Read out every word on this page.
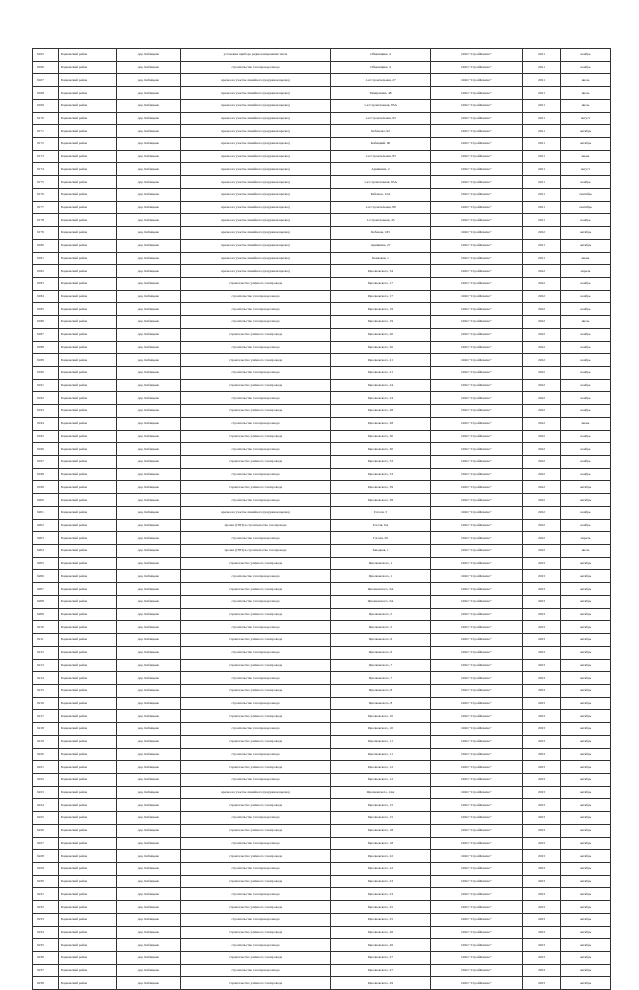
9165	Борковский район	дер. Кабицыно	установка прибора радиозонирования тепла	Обманщика, 4	ООО "СтройКомпас"	2021	ноябрь
9166	Борковский район	дер. Кабицыно	строительство газопровода ввода	Обманщика, 4	ООО "СтройКомпас"	2021	ноябрь
9167	Борковский район	дер. Кабицыно	врезка на участке линейного (наружная врезка)	1-я Строительная, 27	ООО "СтройКомпас"	2021	июль
9168	Борковский район	дер. Кабицыно	врезка на участке линейного (наружная врезка)	Тимирязева, 48	ООО "СтройКомпас"	2021	июль
9169	Борковский район	дер. Кабицыно	врезка на участке линейного (наружная врезка)	1-я Строительная, 85А	ООО "СтройКомпас"	2021	июль
9170	Борковский район	дер. Кабицыно	врезка на участке линейного (наружная врезка)	1-я Строительная, 93	ООО "СтройКомпас"	2021	август
9171	Борковский район	дер. Кабицыно	врезка на участке линейного (наружная врезка)	Кабанова, 92	ООО "СтройКомпас"	2021	октябрь
9172	Борковский район	дер. Кабицыно	врезка на участке линейного (наружная врезка)	Кабицкий, 90	ООО "СтройКомпас"	2021	октябрь
9173	Борковский район	дер. Кабицыно	врезка на участке линейного (наружная врезка)	1-я Строительная, 83	ООО "СтройКомпас"	2021	июнь
9174	Борковский район	дер. Кабицыно	врезка на участке линейного (наружная врезка)	Армянина, 2	ООО "СтройКомпас"	2021	август
9175	Борковский район	дер. Кабицыно	врезка на участке линейного (наружная врезка)	1-я Строительная, 83А	ООО "СтройКомпас"	2021	ноябрь
9176	Борковский район	дер. Кабицыно	врезка на участке линейного (наружная врезка)	Кабанов, 12А	ООО "СтройКомпас"	2021	сентябрь
9177	Борковский район	дер. Кабицыно	врезка на участке линейного (наружная врезка)	1-я Строительная, 88	ООО "СтройКомпас"	2021	сентябрь
9178	Борковский район	дер. Кабицыно	врезка на участке линейного (наружная врезка)	1-Строительная, 45	ООО "СтройКомпас"	2021	ноябрь
9179	Борковский район	дер. Кабицыно	врезка на участке линейного (наружная врезка)	Кабанов, 165	ООО "СтройКомпас"	2022	октябрь
9180	Борковский район	дер. Кабицыно	врезка на участке линейного (наружная врезка)	Армянина, 27	ООО "СтройКомпас"	2021	октябрь
9181	Борковский район	дер. Кабицыно	врезка на участке линейного (наружная врезка)	Кокковая, 1	ООО "СтройКомпас"	2021	июнь
9182	Борковский район	дер. Кабицыно	врезка на участке линейного (наружная врезка)	Циолковского, 34	ООО "СтройКомпас"	2022	апрель
9183	Борковский район	дер. Кабицыно	строительство уличного газопровода	Циолковского, 17	ООО "СтройКомпас"	2022	ноябрь
9184	Борковский район	дер. Кабицыно	строительство газопровода ввода	Циолковского, 17	ООО "СтройКомпас"	2022	ноябрь
9185	Борковский район	дер. Кабицыно	строительство газопровода ввода	Циолковского, 19	ООО "СтройКомпас"	2022	ноябрь
9186	Борковский район	дер. Кабицыно	строительство газопровода ввода	Циолковского, 19	ООО "СтройКомпас"	2022	июль
9187	Борковский район	дер. Кабицыно	строительство уличного газопровода	Циолковского, 20	ООО "СтройКомпас"	2022	ноябрь
9188	Борковский район	дер. Кабицыно	строительство газопровода ввода	Циолковского, 20	ООО "СтройКомпас"	2022	ноябрь
9189	Борковский район	дер. Кабицыно	строительство уличного газопровода	Циолковского, 21	ООО "СтройКомпас"	2022	ноябрь
9190	Борковский район	дер. Кабицыно	строительство газопровода ввода	Циолковского, 21	ООО "СтройКомпас"	2022	ноябрь
9191	Борковский район	дер. Кабицыно	строительство уличного газопровода	Циолковского, 24	ООО "СтройКомпас"	2022	ноябрь
9192	Борковский район	дер. Кабицыно	строительство газопровода ввода	Циолковского, 24	ООО "СтройКомпас"	2022	ноябрь
9193	Борковский район	дер. Кабицыно	строительство уличного газопровода	Циолковского, 28	ООО "СтройКомпас"	2022	ноябрь
9194	Борковский район	дер. Кабицыно	строительство газопровода ввода	Циолковского, 28	ООО "СтройКомпас"	2022	июнь
9195	Борковский район	дер. Кабицыно	строительство уличного газопровода	Циолковского, 30	ООО "СтройКомпас"	2022	ноябрь
9196	Борковский район	дер. Кабицыно	строительство газопровода ввода	Циолковского, 30	ООО "СтройКомпас"	2022	ноябрь
9197	Борковский район	дер. Кабицыно	строительство уличного газопровода	Циолковского, 33	ООО "СтройКомпас"	2022	ноябрь
9198	Борковский район	дер. Кабицыно	строительство газопровода ввода	Циолковского, 33	ООО "СтройКомпас"	2022	ноябрь
9199	Борковский район	дер. Кабицыно	строительство уличного газопровода	Циолковского, 39	ООО "СтройКомпас"	2022	октябрь
9200	Борковский район	дер. Кабицыно	строительство газопровода ввода	Циолковского, 39	ООО "СтройКомпас"	2022	октябрь
9201	Борковский район	дер. Кабицыно	врезка на участке линейного (наружная врезка)	Гоголя, 3	ООО "СтройКомпас"	2022	ноябрь
9202	Борковский район	дер. Кабицыно	проект (ГРП) и строительство газопровода	Гоголя, 6А	ООО "СтройКомпас"	2022	ноябрь
9203	Борковский район	дер. Кабицыно	строительство газопровода ввода	Гоголя, 26	ООО "СтройКомпас"	2022	апрель
9204	Борковский район	дер. Кабицыно	проект (ГРП) и строительство газопровода	Заводная, 1	ООО "СтройКомпас"	2022	июль
9205	Борковский район	дер. Кабицыно	строительство уличного газопровода	Циолковского, 1	ООО "СтройКомпас"	2023	октябрь
9206	Борковский район	дер. Кабицыно	строительство газопровода ввода	Циолковского, 1	ООО "СтройКомпас"	2023	октябрь
9207	Борковский район	дер. Кабицыно	строительство уличного газопровода	Циолковского, 3А	ООО "СтройКомпас"	2023	октябрь
9208	Борковский район	дер. Кабицыно	строительство газопровода ввода	Циолковского, 3А	ООО "СтройКомпас"	2023	октябрь
9209	Борковский район	дер. Кабицыно	строительство уличного газопровода	Циолковского, 5	ООО "СтройКомпас"	2023	октябрь
9210	Борковский район	дер. Кабицыно	строительство газопровода ввода	Циолковского, 5	ООО "СтройКомпас"	2023	октябрь
9211	Борковский район	дер. Кабицыно	строительство уличного газопровода	Циолковского, 6	ООО "СтройКомпас"	2023	октябрь
9212	Борковский район	дер. Кабицыно	строительство газопровода ввода	Циолковского, 6	ООО "СтройКомпас"	2023	октябрь
9213	Борковский район	дер. Кабицыно	строительство уличного газопровода	Циолковского, 7	ООО "СтройКомпас"	2023	октябрь
9214	Борковский район	дер. Кабицыно	строительство газопровода ввода	Циолковского, 7	ООО "СтройКомпас"	2023	октябрь
9215	Борковский район	дер. Кабицыно	строительство уличного газопровода	Циолковского, 8	ООО "СтройКомпас"	2023	октябрь
9216	Борковский район	дер. Кабицыно	строительство газопровода ввода	Циолковского, 8	ООО "СтройКомпас"	2023	октябрь
9217	Борковский район	дер. Кабицыно	строительство уличного газопровода	Циолковского, 10	ООО "СтройКомпас"	2023	октябрь
9218	Борковский район	дер. Кабицыно	строительство газопровода ввода	Циолковского, 10	ООО "СтройКомпас"	2023	октябрь
9219	Борковский район	дер. Кабицыно	строительство уличного газопровода	Циолковского, 11	ООО "СтройКомпас"	2023	октябрь
9220	Борковский район	дер. Кабицыно	строительство газопровода ввода	Циолковского, 11	ООО "СтройКомпас"	2023	октябрь
9221	Борковский район	дер. Кабицыно	строительство уличного газопровода	Циолковского, 12	ООО "СтройКомпас"	2023	октябрь
9222	Борковский район	дер. Кабицыно	строительство газопровода ввода	Циолковского, 12	ООО "СтройКомпас"	2023	октябрь
9223	Борковский район	дер. Кабицыно	врезка на участке линейного (наружная врезка)	Циолковского, 14А	ООО "СтройКомпас"	2023	октябрь
9224	Борковский район	дер. Кабицыно	строительство уличного газопровода	Циолковского, 15	ООО "СтройКомпас"	2023	октябрь
9225	Борковский район	дер. Кабицыно	строительство газопровода ввода	Циолковского, 15	ООО "СтройКомпас"	2023	октябрь
9226	Борковский район	дер. Кабицыно	строительство уличного газопровода	Циолковского, 18	ООО "СтройКомпас"	2023	октябрь
9227	Борковский район	дер. Кабицыно	строительство газопровода ввода	Циолковского, 18	ООО "СтройКомпас"	2023	октябрь
9228	Борковский район	дер. Кабицыно	строительство уличного газопровода	Циолковского, 22	ООО "СтройКомпас"	2023	октябрь
9229	Борковский район	дер. Кабицыно	строительство газопровода ввода	Циолковского, 22	ООО "СтройКомпас"	2023	октябрь
9230	Борковский район	дер. Кабицыно	строительство уличного газопровода	Циолковского, 23	ООО "СтройКомпас"	2023	октябрь
9231	Борковский район	дер. Кабицыно	строительство газопровода ввода	Циолковского, 23	ООО "СтройКомпас"	2023	октябрь
9232	Борковский район	дер. Кабицыно	строительство уличного газопровода	Циолковского, 25	ООО "СтройКомпас"	2023	октябрь
9233	Борковский район	дер. Кабицыно	строительство газопровода ввода	Циолковского, 25	ООО "СтройКомпас"	2023	октябрь
9234	Борковский район	дер. Кабицыно	строительство уличного газопровода	Циолковского, 26	ООО "СтройКомпас"	2023	октябрь
9235	Борковский район	дер. Кабицыно	строительство газопровода ввода	Циолковского, 26	ООО "СтройКомпас"	2023	октябрь
9236	Борковский район	дер. Кабицыно	строительство уличного газопровода	Циолковского, 27	ООО "СтройКомпас"	2023	октябрь
9237	Борковский район	дер. Кабицыно	строительство газопровода ввода	Циолковского, 27	ООО "СтройКомпас"	2023	октябрь
9238	Борковский район	дер. Кабицыно	строительство уличного газопровода	Циолковского, 29	ООО "СтройКомпас"	2023	октябрь
